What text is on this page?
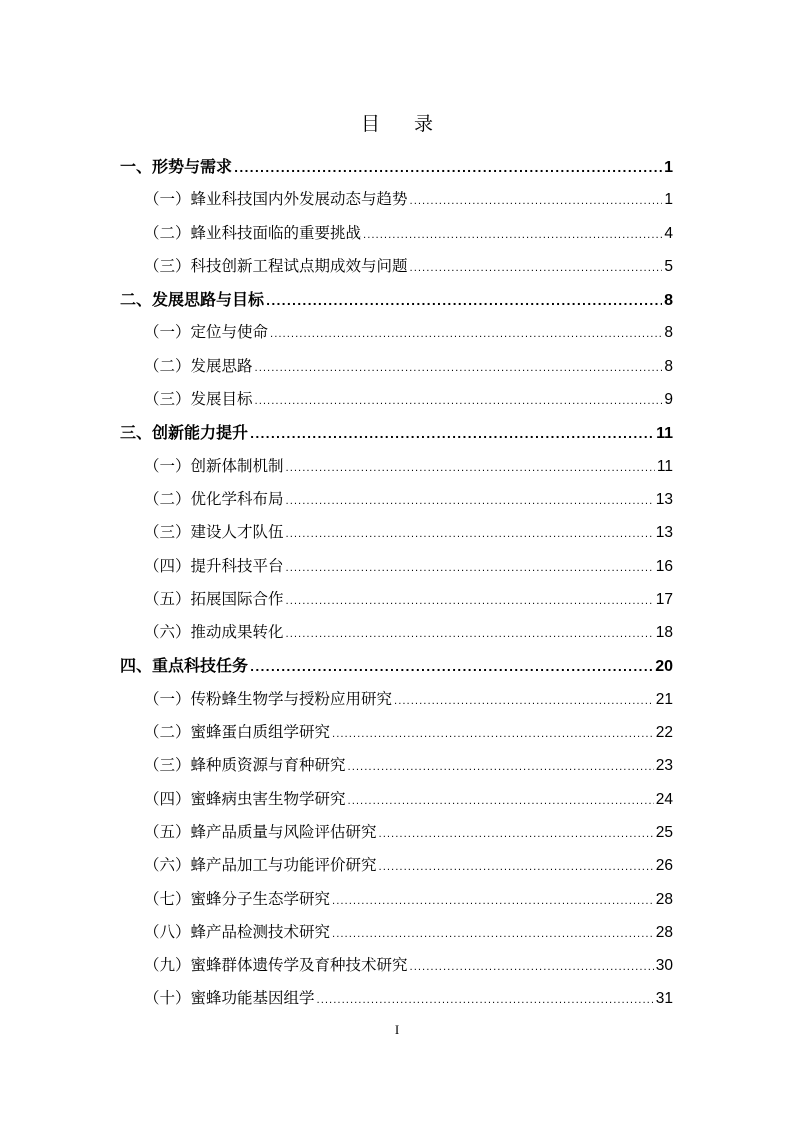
目 录
一、形势与需求 .....	1
（一）蜂业科技国内外发展动态与趋势 .....	1
（二）蜂业科技面临的重要挑战 .....	4
（三）科技创新工程试点期成效与问题 .....	5
二、发展思路与目标 .....	8
（一）定位与使命 .....	8
（二）发展思路 .....	8
（三）发展目标 .....	9
三、创新能力提升 .....	11
（一）创新体制机制 .....	11
（二）优化学科布局 .....	13
（三）建设人才队伍 .....	13
（四）提升科技平台 .....	16
（五）拓展国际合作 .....	17
（六）推动成果转化 .....	18
四、重点科技任务 .....	20
（一）传粉蜂生物学与授粉应用研究 .....	21
（二）蜜蜂蛋白质组学研究 .....	22
（三）蜂种质资源与育种研究 .....	23
（四）蜜蜂病虫害生物学研究 .....	24
（五）蜂产品质量与风险评估研究 .....	25
（六）蜂产品加工与功能评价研究 .....	26
（七）蜜蜂分子生态学研究 .....	28
（八）蜂产品检测技术研究 .....	28
（九）蜜蜂群体遗传学及育种技术研究 .....	30
（十）蜜蜂功能基因组学 .....	31
I
